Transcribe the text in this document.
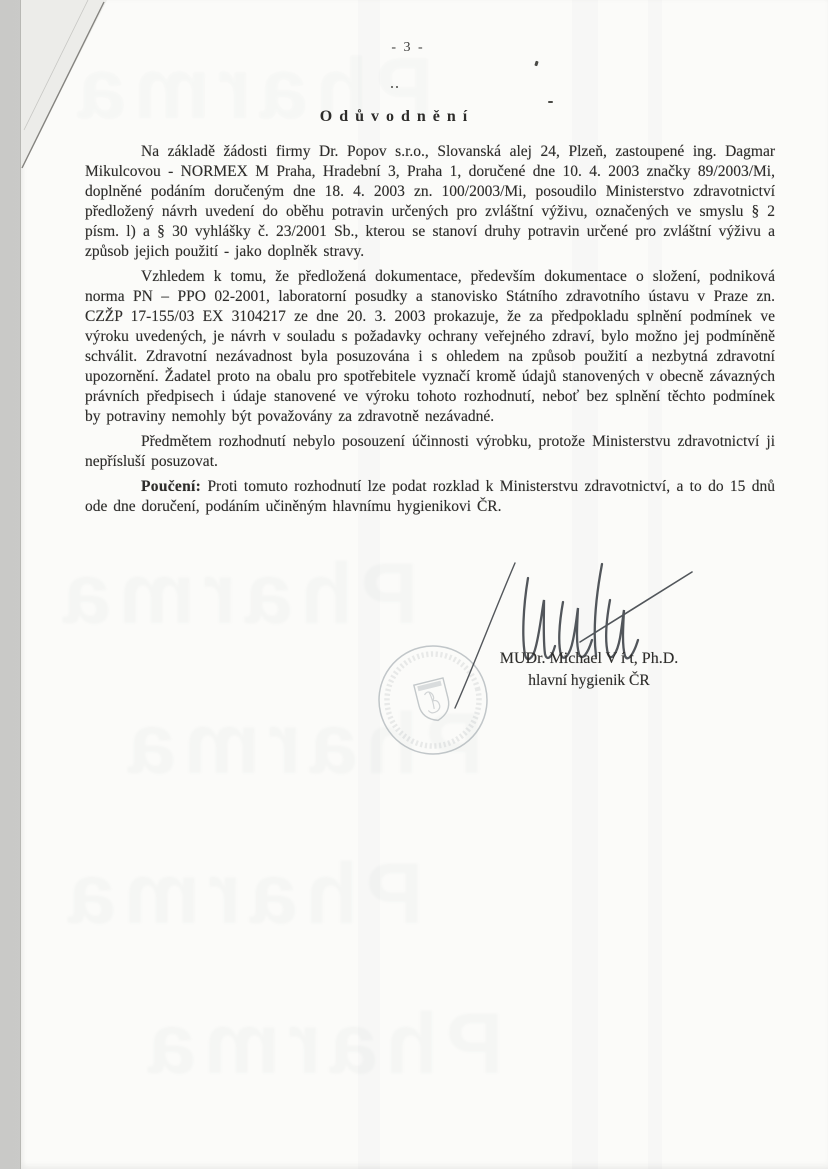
- 3 -
Odůvodnění

Na základě žádosti firmy Dr. Popov s.r.o., Slovanská alej 24, Plzeň, zastoupené ing. Dagmar Mikulcovou - NORMEX M Praha, Hradební 3, Praha 1, doručené dne 10. 4. 2003 značky 89/2003/Mi, doplněné podáním doručeným dne 18. 4. 2003 zn. 100/2003/Mi, posoudilo Ministerstvo zdravotnictví předložený návrh uvedení do oběhu potravin určených pro zvláštní výživu, označených ve smyslu § 2 písm. l) a § 30 vyhlášky č. 23/2001 Sb., kterou se stanoví druhy potravin určené pro zvláštní výživu a způsob jejich použití - jako doplněk stravy.

Vzhledem k tomu, že předložená dokumentace, především dokumentace o složení, podniková norma PN – PPO 02-2001, laboratorní posudky a stanovisko Státního zdravotního ústavu v Praze zn. CZŽP 17-155/03 EX 3104217 ze dne 20. 3. 2003 prokazuje, že za předpokladu splnění podmínek ve výroku uvedených, je návrh v souladu s požadavky ochrany veřejného zdraví, bylo možno jej podmíněně schválit. Zdravotní nezávadnost byla posuzována i s ohledem na způsob použití a nezbytná zdravotní upozornění. Žadatel proto na obalu pro spotřebitele vyznačí kromě údajů stanovených v obecně závazných právních předpisech i údaje stanovené ve výroku tohoto rozhodnutí, neboť bez splnění těchto podmínek by potraviny nemohly být považovány za zdravotně nezávadné.

Předmětem rozhodnutí nebylo posouzení účinnosti výrobku, protože Ministerstvu zdravotnictví ji nepřísluší posuzovat.

Poučení: Proti tomuto rozhodnutí lze podat rozklad k Ministerstvu zdravotnictví, a to do 15 dnů ode dne doručení, podáním učiněným hlavnímu hygienikovi ČR.

MUDr. Michael V í t, Ph.D.
hlavní hygienik ČR
